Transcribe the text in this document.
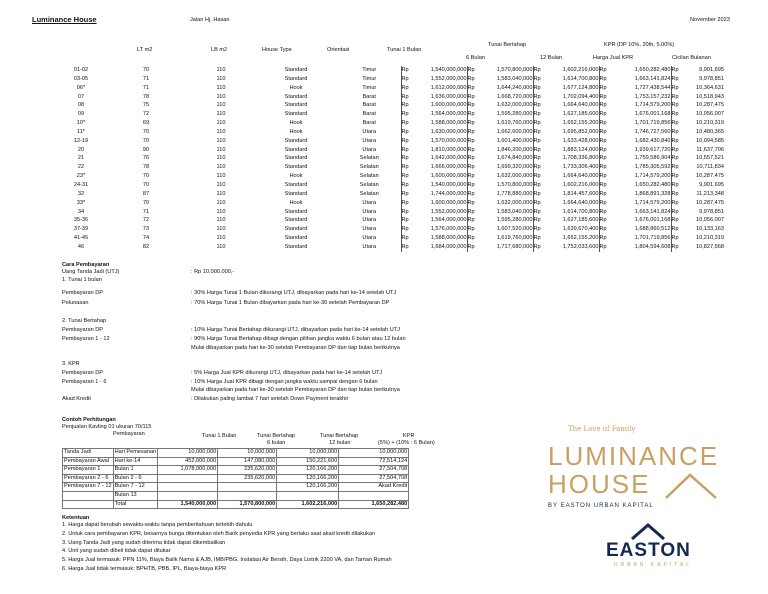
Luminance House	Jalan Hj. Hasan	November 2023
LT m2	LB m2	House Type	Orientasi	Tunai 1 Bulan
Tunai Bertahap
6 Bulan	12 Bulan
KPR (DP 10%, 20th, 5.00%)
Harga Jual KPR	Cicilan Bulanan
01-02	70	110	Standard	Timur	Rp	1,540,000,000	Rp	1,570,800,000	Rp	1,602,216,000	Rp	1,650,282,480	Rp	9,901,695
03-05	71	110	Standard	Timur	Rp	1,552,000,000	Rp	1,583,040,000	Rp	1,614,700,800	Rp	1,663,141,824	Rp	9,978,851
06*	71	110	Hook	Timur	Rp	1,612,000,000	Rp	1,644,240,000	Rp	1,677,124,800	Rp	1,727,438,544	Rp	10,364,631
07	78	110	Standard	Barat	Rp	1,636,000,000	Rp	1,668,720,000	Rp	1,702,094,400	Rp	1,753,157,232	Rp	10,518,943
08	75	110	Standard	Barat	Rp	1,600,000,000	Rp	1,632,000,000	Rp	1,664,640,000	Rp	1,714,579,200	Rp	10,287,475
09	72	110	Standard	Barat	Rp	1,564,000,000	Rp	1,595,280,000	Rp	1,627,185,600	Rp	1,676,001,168	Rp	10,056,007
10*	69	110	Hook	Barat	Rp	1,588,000,000	Rp	1,619,760,000	Rp	1,652,155,200	Rp	1,701,719,856	Rp	10,210,319
11*	70	110	Hook	Utara	Rp	1,630,000,000	Rp	1,662,600,000	Rp	1,695,852,000	Rp	1,746,727,560	Rp	10,480,365
12-19	70	110	Standard	Utara	Rp	1,570,000,000	Rp	1,601,400,000	Rp	1,633,428,000	Rp	1,682,430,840	Rp	10,094,585
20	90	110	Standard	Utara	Rp	1,810,000,000	Rp	1,846,200,000	Rp	1,883,124,000	Rp	1,939,617,720	Rp	11,637,706
21	76	110	Standard	Selatan	Rp	1,642,000,000	Rp	1,674,840,000	Rp	1,708,336,800	Rp	1,759,586,904	Rp	10,557,521
22	78	110	Standard	Selatan	Rp	1,666,000,000	Rp	1,699,320,000	Rp	1,733,306,400	Rp	1,785,305,592	Rp	10,711,834
23*	70	110	Hook	Selatan	Rp	1,600,000,000	Rp	1,632,000,000	Rp	1,664,640,000	Rp	1,714,579,200	Rp	10,287,475
24-31	70	110	Standard	Selatan	Rp	1,540,000,000	Rp	1,570,800,000	Rp	1,602,216,000	Rp	1,650,282,480	Rp	9,901,695
32	87	110	Standard	Selatan	Rp	1,744,000,000	Rp	1,778,880,000	Rp	1,814,457,600	Rp	1,868,891,328	Rp	11,213,348
33*	70	110	Hook	Utara	Rp	1,600,000,000	Rp	1,632,000,000	Rp	1,664,640,000	Rp	1,714,579,200	Rp	10,287,475
34	71	110	Standard	Utara	Rp	1,552,000,000	Rp	1,583,040,000	Rp	1,614,700,800	Rp	1,663,141,824	Rp	9,978,851
35-36	72	110	Standard	Utara	Rp	1,564,000,000	Rp	1,595,280,000	Rp	1,627,185,600	Rp	1,676,001,168	Rp	10,056,007
37-39	73	110	Standard	Utara	Rp	1,576,000,000	Rp	1,607,520,000	Rp	1,639,670,400	Rp	1,688,860,512	Rp	10,133,163
41-45	74	110	Standard	Utara	Rp	1,588,000,000	Rp	1,619,760,000	Rp	1,652,155,200	Rp	1,701,719,856	Rp	10,210,319
46	82	110	Standard	Utara	Rp	1,684,000,000	Rp	1,717,680,000	Rp	1,752,033,600	Rp	1,804,594,608	Rp	10,827,568
Cara Pembayaran
Uang Tanda Jadi (UTJ)	: Rp 10.000.000,-
1. Tunai 1 bulan
Pembayaran DP	: 30% Harga Tunai 1 Bulan dikurangi UTJ, dibayarkan pada hari ke-14 setelah UTJ
Pelunasan	: 70% Harga Tunai 1 Bulan dibayarkan pada hari ke-30 setelah Pembayaran DP
2. Tunai Bertahap
Pembayaran DP	: 10% Harga Tunai Bertahap dikurangi UTJ, dibayarkan pada hari ke-14 setelah UTJ
Pembayaran 1 - 12	: 90% Harga Tunai Bertahap dibagi dengan pilihan jangka waktu 6 bulan atau 12 bulan
Mulai dibayarkan pada hari ke-30 setelah Pembayaran DP dan tiap bulan berikutnya
3. KPR
Pembayaran DP	: 5% Harga Jual KPR dikurangi UTJ, dibayarkan pada hari ke-14 setelah UTJ
Pembayaran 1 - 6	: 10% Harga Jual KPR dibagi dengan jangka waktu sampai dengan 6 bulan
Mulai dibayarkan pada hari ke-30 setelah Pembayaran DP dan tiap bulan berikutnya
Akad Kredit	: Dilakukan paling lambat 7 hari setelah Down Payment terakhir
Contoh Perhitungan
Penjualan Kavling 01 ukuran 70/115
Pembayaran	Tunai 1 Bulan	Tunai Bertahap
6 bulan
Tunai Bertahap
12 bulan
KPR
(5%) + (10% : 6 Bulan)
Tanda Jadi	Hari Pemesanan	10,000,000	10,000,000	10,000,000	10,000,000
Pembayaran Awal	Hari ke-14	452,000,000	147,080,000	150,221,600	72,514,124
Pembayaran 1	Bulan 1	1,078,000,000	235,620,000	120,166,200	27,504,708
Pembayaran 2 - 6	Bulan 2 - 6		235,620,000	120,166,200	27,504,708
Pembayaran 7 - 12	Bulan 7 - 12			120,166,200	Akad Kredit
	Bulan 13				
	Total	1,540,000,000	1,570,800,000	1,602,216,000	1,650,282,480
Ketentuan
1. Harga dapat berubah sewaktu-waktu tanpa pemberitahuan terlebih dahulu
2. Untuk cara pembayaran KPR, besarnya bunga ditentukan oleh Bank penyedia KPR yang berlaku saat akad kredit dilakukan
3. Uang Tanda Jadi yang sudah diterima tidak dapat dikembalikan
4. Unit yang sudah dibeli tidak dapat ditukar
5. Harga Jual termasuk: PPN 11%, Biaya Balik Nama & AJB, IMB/PBG, Instalasi Air Bersih, Daya Listrik 2200 VA, dan Taman Rumah
6. Harga Jual tidak termasuk: BPHTB, PBB, IPL, Biaya-biaya KPR
The Love of Family
LUMINANCE
HOUSE
BY EASTON URBAN KAPITAL
EASTON
URBAN KAPITAL
